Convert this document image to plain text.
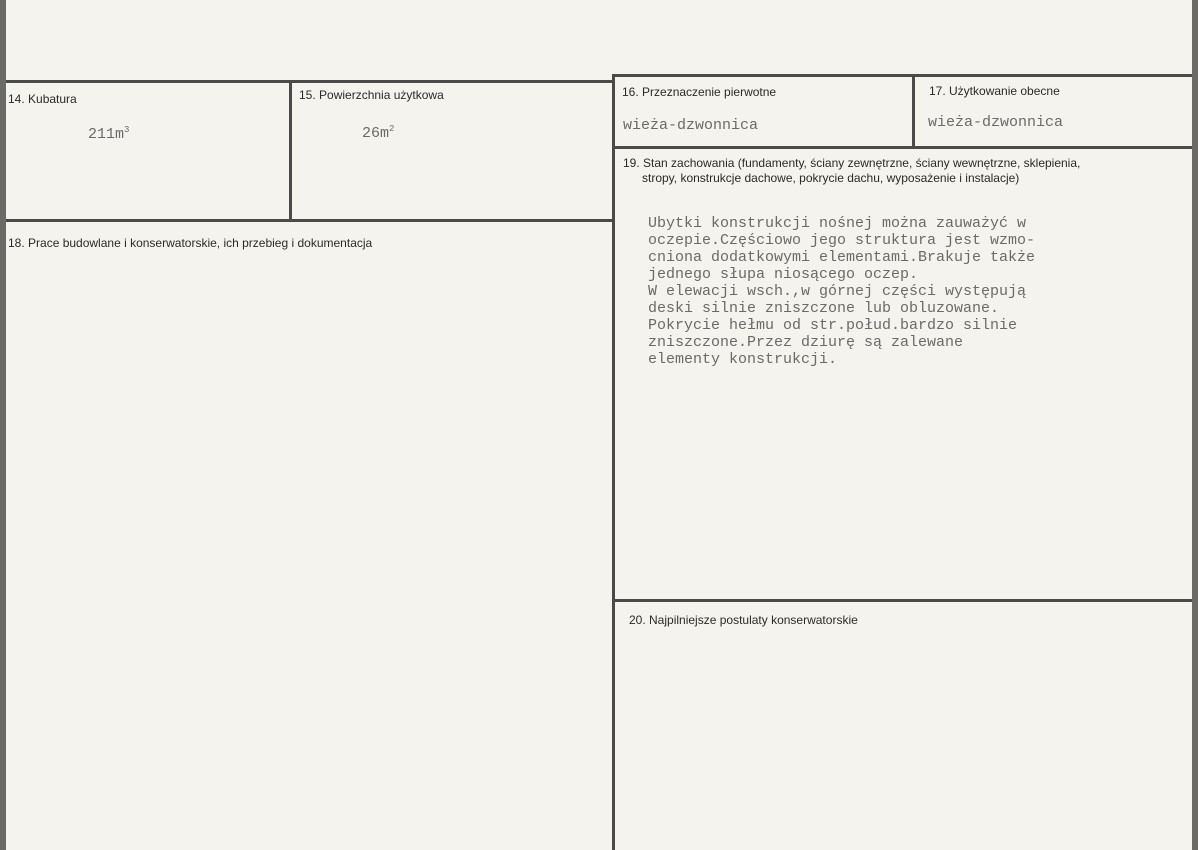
14. Kubatura
$211m^3$
15. Powierzchnia użytkowa
$26m^2$
16. Przeznaczenie pierwotne
wieża-dzwonnica
17. Użytkowanie obecne
wieża-dzwonnica
18. Prace budowlane i konserwatorskie, ich przebieg i dokumentacja
19. Stan zachowania (fundamenty, ściany zewnętrzne, ściany wewnętrzne, sklepienia,
stropy, konstrukcje dachowe, pokrycie dachu, wyposażenie i instalacje)
Ubytki konstrukcji nośnej można zauważyć w
oczepie.Częściowo jego struktura jest wzmo-
cniona dodatkowymi elementami.Brakuje także
jednego słupa niosącego oczep.
W elewacji wsch.,w górnej części występują
deski silnie zniszczone lub obluzowane.
Pokrycie hełmu od str.połud.bardzo silnie
zniszczone.Przez dziurę są zalewane
elementy konstrukcji.
20. Najpilniejsze postulaty konserwatorskie
